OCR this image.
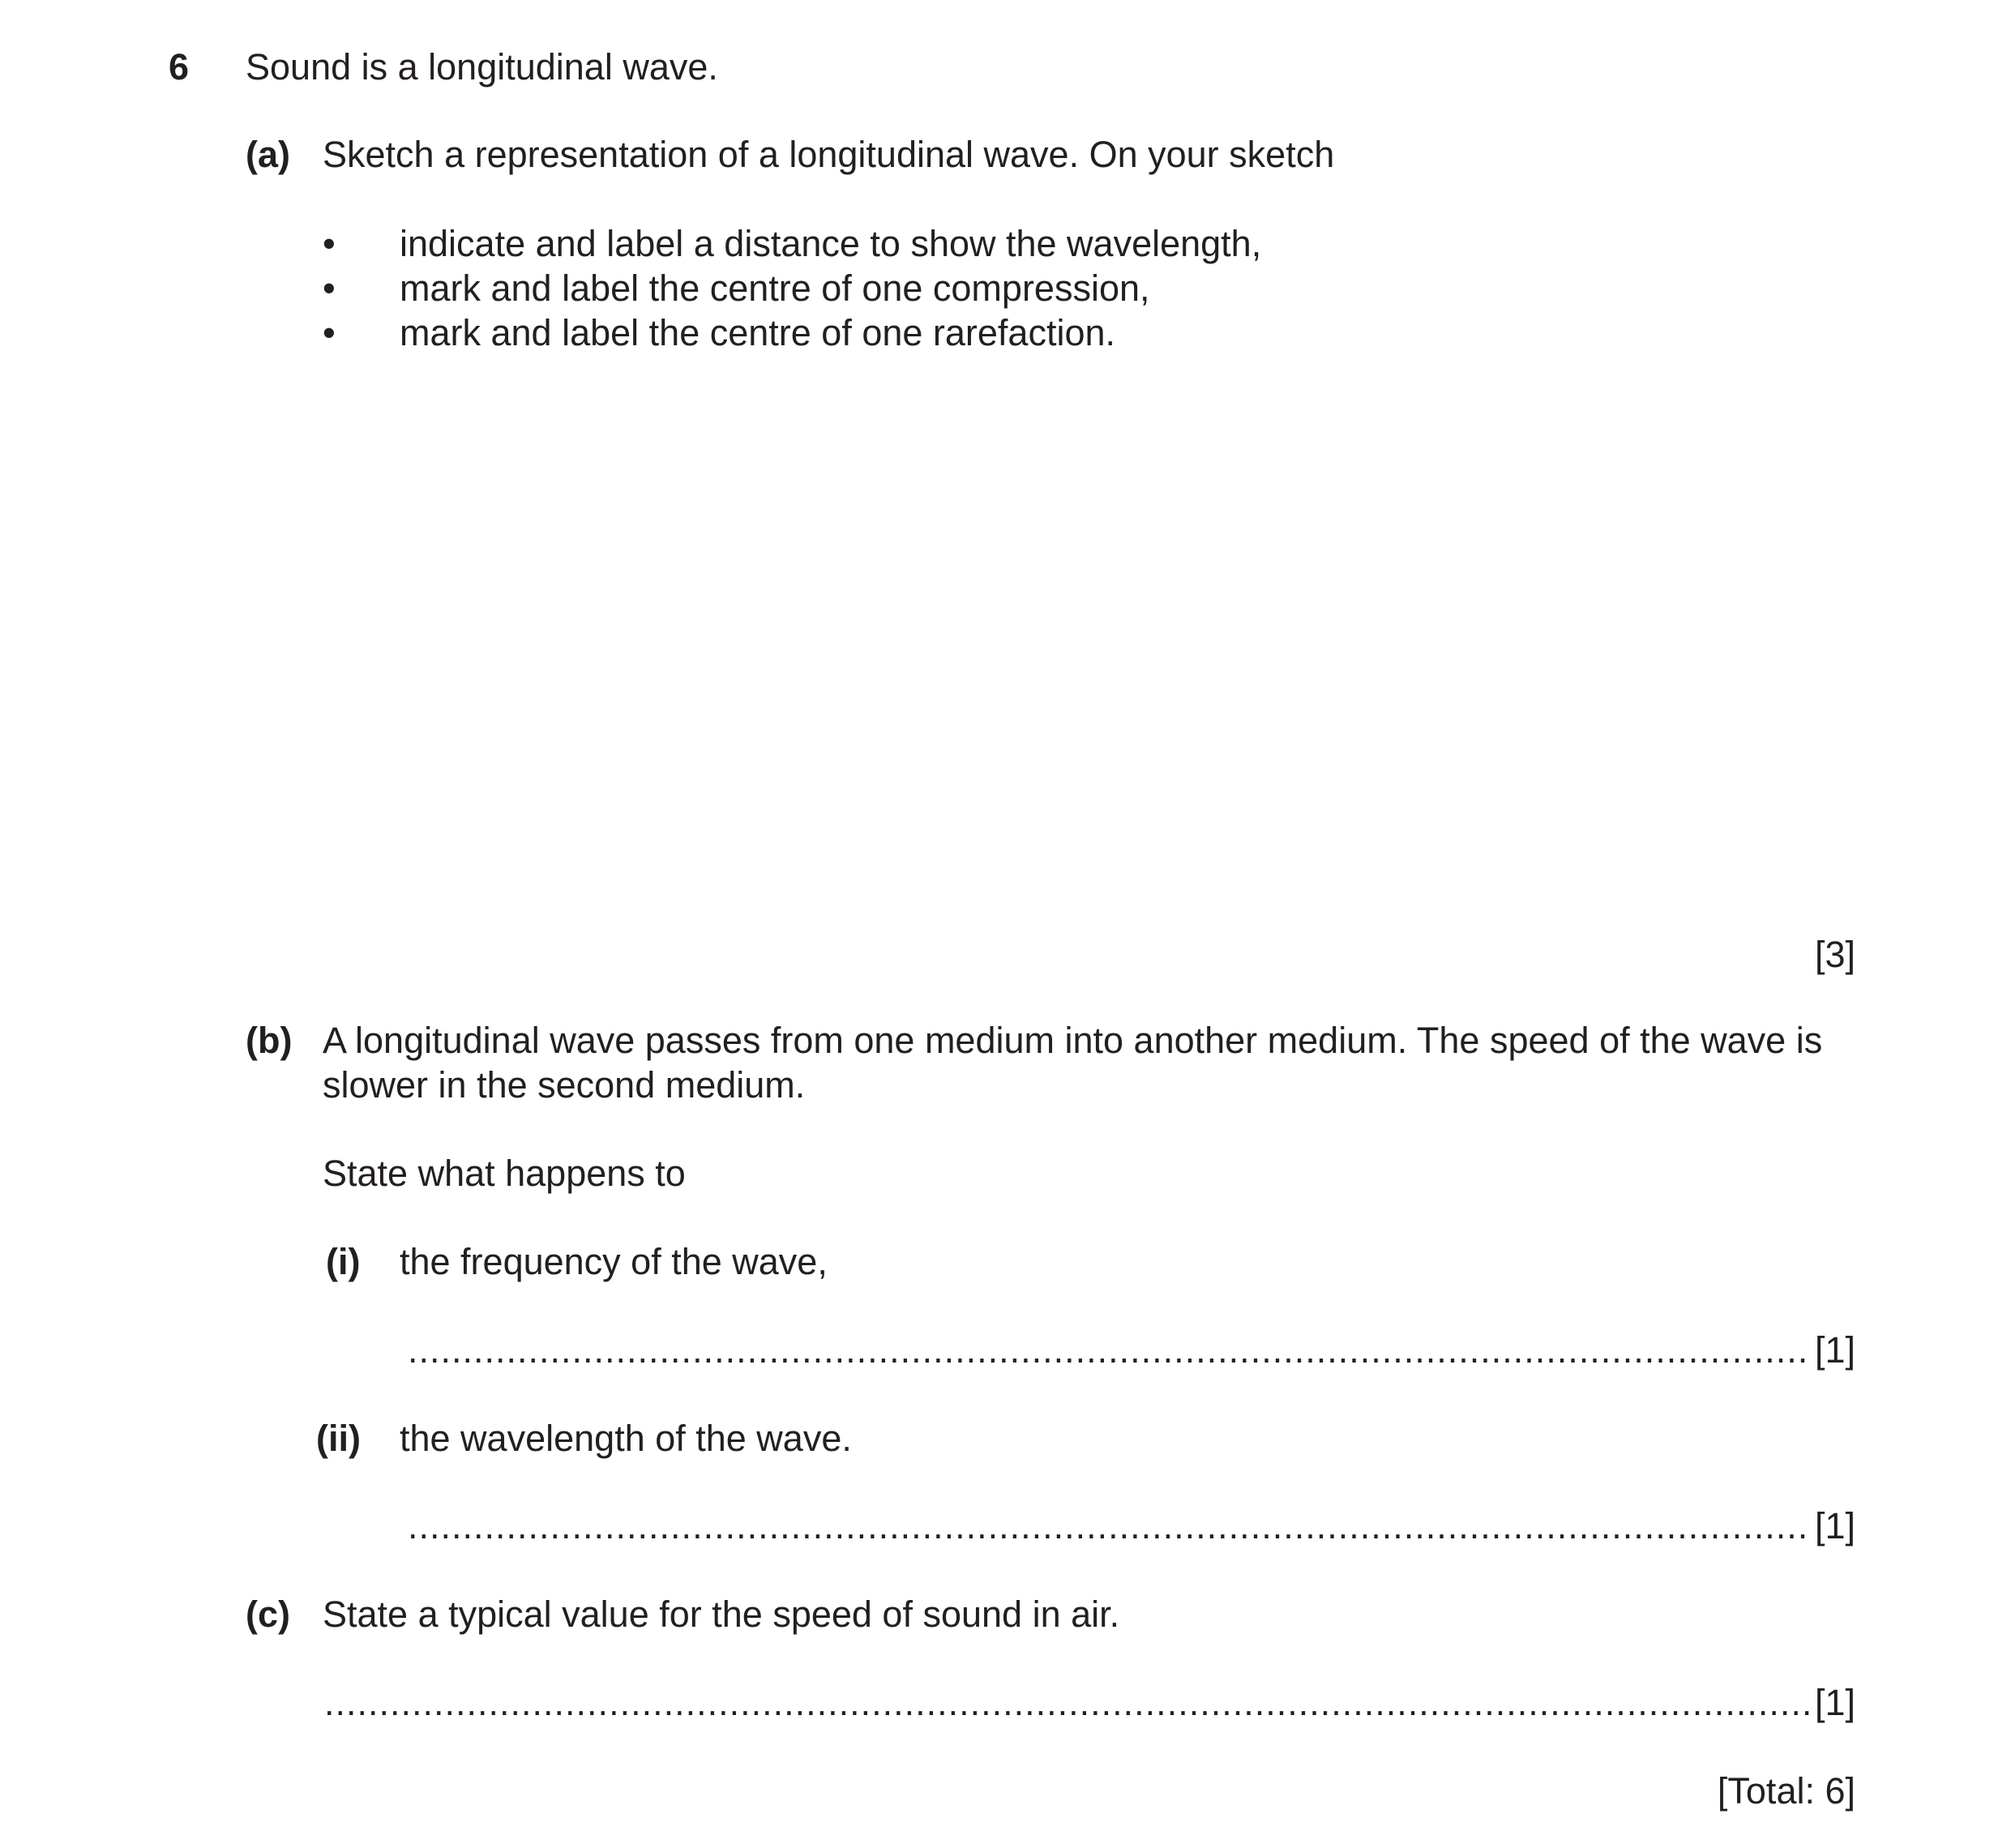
6 Sound is a longitudinal wave.
(a) Sketch a representation of a longitudinal wave. On your sketch
• indicate and label a distance to show the wavelength,
• mark and label the centre of one compression,
• mark and label the centre of one rarefaction.
[3]
(b) A longitudinal wave passes from one medium into another medium. The speed of the wave is
slower in the second medium.
State what happens to
(i) the frequency of the wave,
.....
[1]
(ii) the wavelength of the wave.
.....
[1]
(c) State a typical value for the speed of sound in air.
.....
[1]
[Total: 6]
